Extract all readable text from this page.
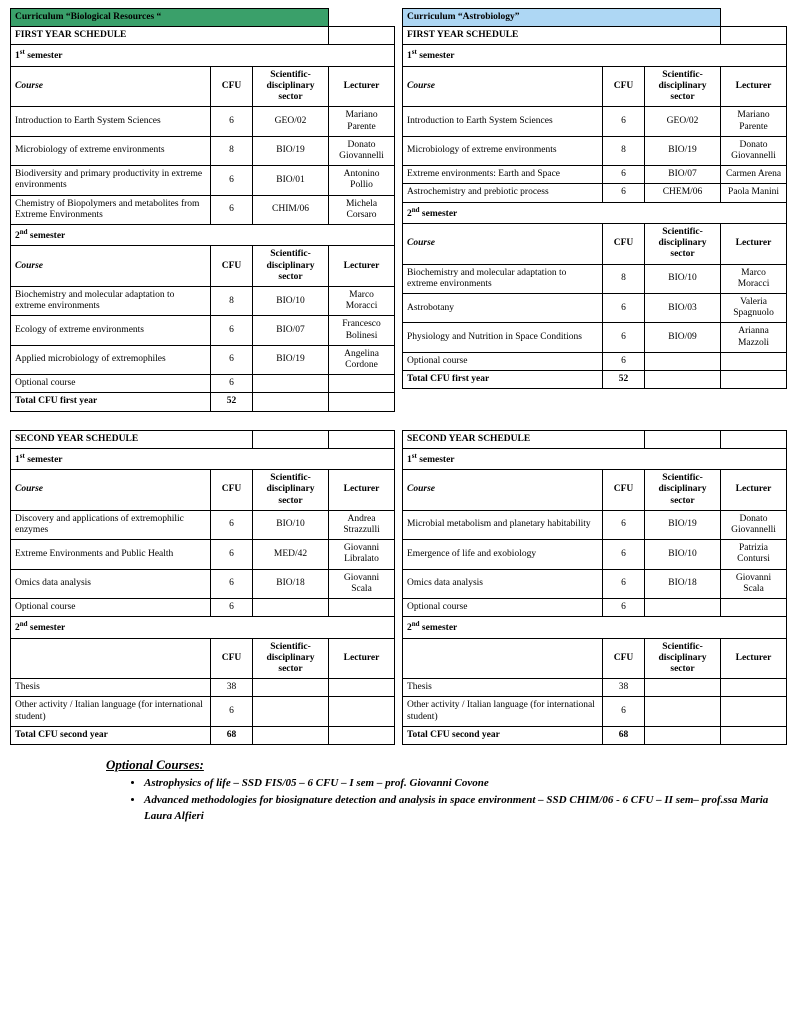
Curriculum “Biological Resources “			
FIRST YEAR SCHEDULE			
1st semester			
Course	CFU	Scientific-disciplinary sector	Lecturer
Introduction to Earth System Sciences	6	GEO/02	Mariano Parente
Microbiology of extreme environments	8	BIO/19	Donato Giovannelli
Biodiversity and primary productivity in extreme environments	6	BIO/01	Antonino Pollio
Chemistry of Biopolymers and metabolites from Extreme Environments	6	CHIM/06	Michela Corsaro
2nd semester			
Course	CFU	Scientific-disciplinary sector	Lecturer
Biochemistry and molecular adaptation to extreme environments	8	BIO/10	Marco Moracci
Ecology of extreme environments	6	BIO/07	Francesco Bolinesi
Applied microbiology of extremophiles	6	BIO/19	Angelina Cordone
Optional course	6		
Total CFU first year	52		
Curriculum “Astrobiology”			
FIRST YEAR SCHEDULE			
1st semester			
Course	CFU	Scientific-disciplinary sector	Lecturer
Introduction to Earth System Sciences	6	GEO/02	Mariano Parente
Microbiology of extreme environments	8	BIO/19	Donato Giovannelli
Extreme environments: Earth and Space	6	BIO/07	Carmen Arena
Astrochemistry and prebiotic process	6	CHEM/06	Paola Manini
2nd semester			
Course	CFU	Scientific-disciplinary sector	Lecturer
Biochemistry and molecular adaptation to extreme environments	8	BIO/10	Marco Moracci
Astrobotany	6	BIO/03	Valeria Spagnuolo
Physiology and Nutrition in Space Conditions	6	BIO/09	Arianna Mazzoli
Optional course	6		
Total CFU first year	52		
SECOND YEAR SCHEDULE			
1st semester			
Course	CFU	Scientific-disciplinary sector	Lecturer
Discovery and applications of extremophilic enzymes	6	BIO/10	Andrea Strazzulli
Extreme Environments and Public Health	6	MED/42	Giovanni Libralato
Omics data analysis	6	BIO/18	Giovanni Scala
Optional course	6		
2nd semester			
	CFU	Scientific-disciplinary sector	Lecturer
Thesis	38		
Other activity / Italian language (for international student)	6		
Total CFU second year	68		
SECOND YEAR SCHEDULE			
1st semester			
Course	CFU	Scientific-disciplinary sector	Lecturer
Microbial metabolism and planetary habitability	6	BIO/19	Donato Giovannelli
Emergence of life and exobiology	6	BIO/10	Patrizia Contursi
Omics data analysis	6	BIO/18	Giovanni Scala
Optional course	6		
2nd semester			
	CFU	Scientific-disciplinary sector	Lecturer
Thesis	38		
Other activity / Italian language (for international student)	6		
Total CFU second year	68		
Optional Courses:
• Astrophysics of life – SSD FIS/05 – 6 CFU – I sem – prof. Giovanni Covone
• Advanced methodologies for biosignature detection and analysis in space environment – SSD CHIM/06 - 6 CFU – II sem– prof.ssa Maria Laura Alfieri
